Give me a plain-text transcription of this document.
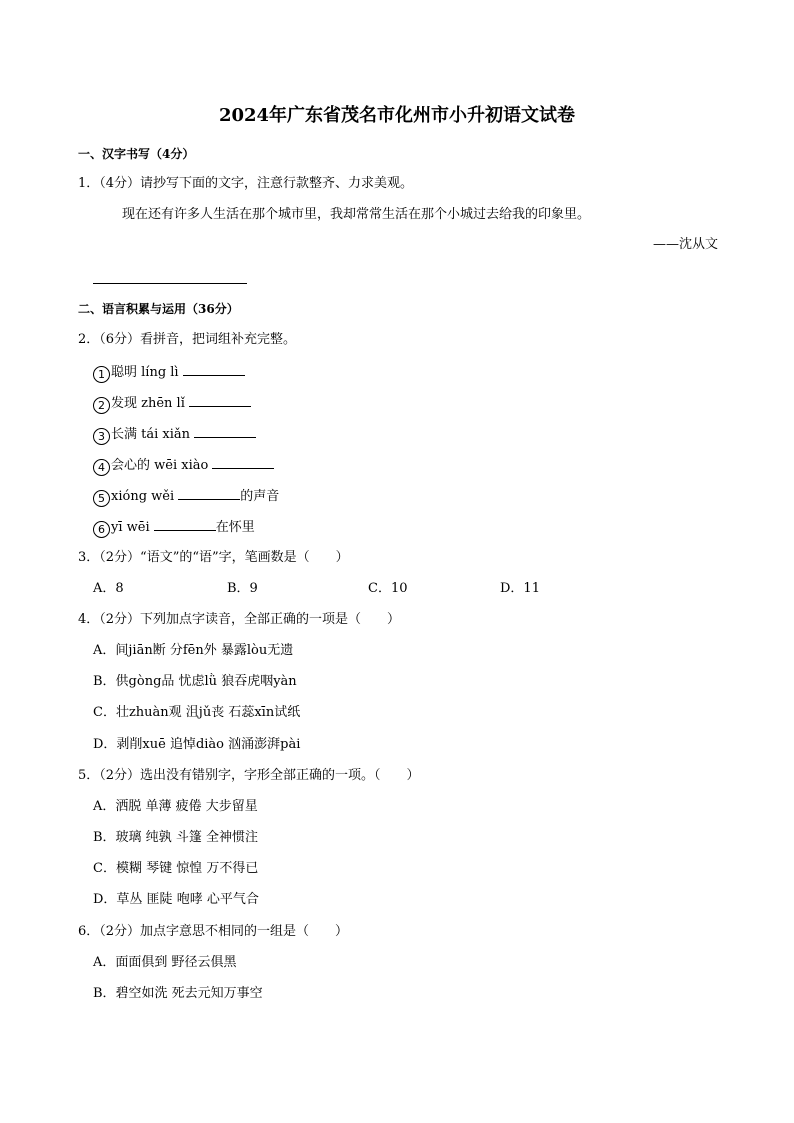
2024年广东省茂名市化州市小升初语文试卷
一、汉字书写（4分）
1．（4分）请抄写下面的文字，注意行款整齐、力求美观。
现在还有许多人生活在那个城市里，我却常常生活在那个小城过去给我的印象里。
——沈从文
二、语言积累与运用（36分）
2．（6分）看拼音，把词组补充完整。
1 聪明 líng lì
2 发现 zhēn lǐ
3 长满 tái xiǎn
4 会心的 wēi xiào
5 xióng wěi	的声音
6 yī wēi	在怀里
3．（2分）“语文”的“语”字，笔画数是（　　）
A．8	B．9	C．10	D．11
4．（2分）下列加点字读音，全部正确的一项是（　　）
A．间jiān断 分fēn外 暴露lòu无遗
B．供gòng品 忧虑lǜ 狼吞虎咽yàn
C．壮zhuàn观 沮jǔ丧 石蕊xīn试纸
D．剥削xuē 追悼diào 汹涌澎湃pài
5．（2分）选出没有错别字，字形全部正确的一项。（　　）
A．洒脱 单薄 疲倦 大步留星
B．玻璃 纯孰 斗篷 全神惯注
C．模糊 琴键 惊惶 万不得已
D．草丛 匪陡 咆哮 心平气合
6．（2分）加点字意思不相同的一组是（　　）
A．面面俱到 野径云俱黑
B．碧空如洗 死去元知万事空
